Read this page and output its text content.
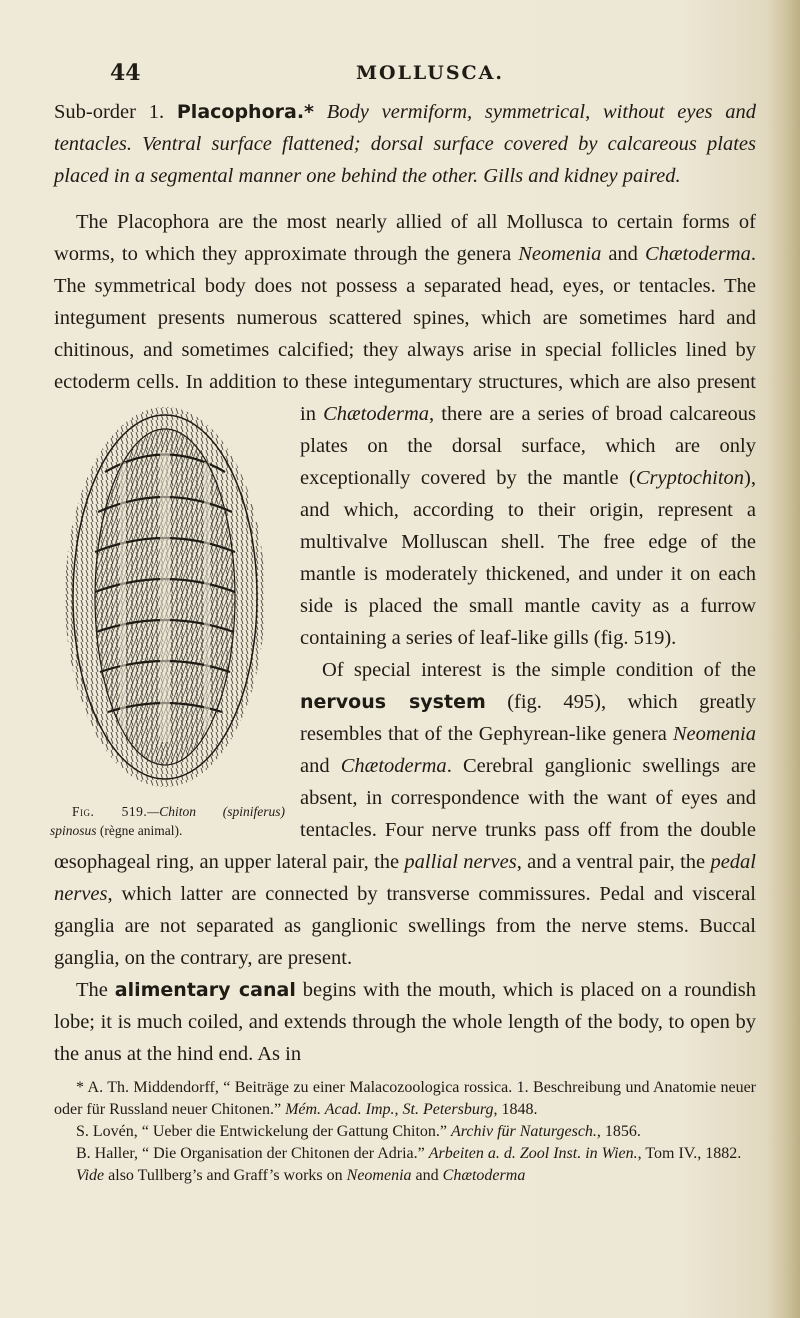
44	MOLLUSCA.

Sub-order 1. Placophora.* Body vermiform, symmetrical, without eyes and tentacles. Ventral surface flattened; dorsal surface covered by calcareous plates placed in a segmental manner one behind the other. Gills and kidney paired.

The Placophora are the most nearly allied of all Mollusca to certain forms of worms, to which they approximate through the genera Neomenia and Chætoderma. The symmetrical body does not possess a separated head, eyes, or tentacles. The integument presents numerous scattered spines, which are sometimes hard and chitinous, and sometimes calcified; they always arise in special follicles lined by ectoderm cells. In addition to these integumentary structures, which are also present in Chætoderma
Fig. 519.—Chiton (spiniferus) spinosus (règne animal).
, there are a series of broad calcareous plates on the dorsal surface, which are only exceptionally covered by the mantle (Cryptochiton), and which, according to their origin, represent a multivalve Molluscan shell. The free edge of the mantle is moderately thickened, and under it on each side is placed the small mantle cavity as a furrow containing a series of leaf-like gills (fig. 519).

Of special interest is the simple condition of the nervous system (fig. 495), which greatly resembles that of the Gephyrean-like genera Neomenia and Chætoderma. Cerebral ganglionic swellings are absent, in correspondence with the want of eyes and tentacles. Four nerve trunks pass off from the double œsophageal ring, an upper lateral pair, the pallial nerves, and a ventral pair, the pedal nerves, which latter are connected by transverse commissures. Pedal and visceral ganglia are not separated as ganglionic swellings from the nerve stems. Buccal ganglia, on the contrary, are present.

The alimentary canal begins with the mouth, which is placed on a roundish lobe; it is much coiled, and extends through the whole length of the body, to open by the anus at the hind end. As in

* A. Th. Middendorff, “ Beiträge zu einer Malacozoologica rossica. 1. Beschreibung und Anatomie neuer oder für Russland neuer Chitonen.” Mém. Acad. Imp., St. Petersburg, 1848.

S. Lovén, “ Ueber die Entwickelung der Gattung Chiton.” Archiv für Naturgesch., 1856.

B. Haller, “ Die Organisation der Chitonen der Adria.” Arbeiten a. d. Zool Inst. in Wien., Tom IV., 1882.

Vide also Tullberg’s and Graff’s works on Neomenia and Chætoderma
